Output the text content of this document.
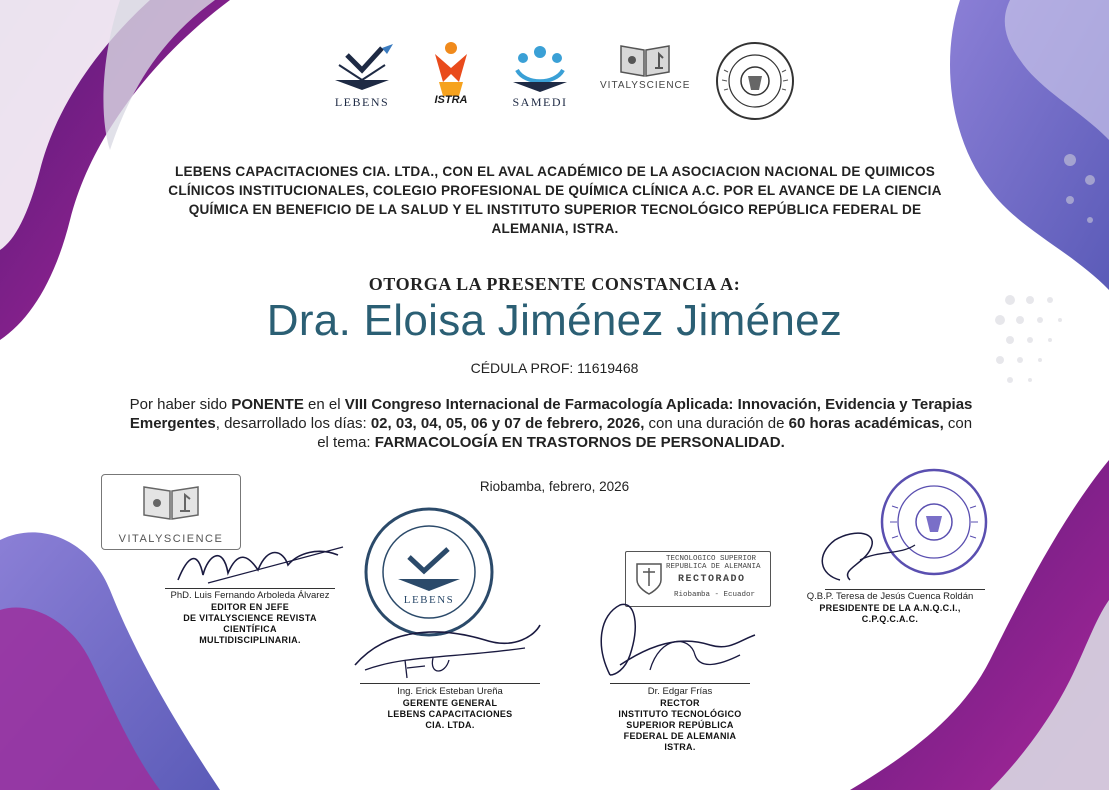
LEBENS	ISTRA	SAMEDI
VITALYSCIENCE
LEBENS CAPACITACIONES CIA. LTDA., CON EL AVAL ACADÉMICO DE LA ASOCIACION NACIONAL DE QUIMICOS CLÍNICOS INSTITUCIONALES, COLEGIO PROFESIONAL DE QUÍMICA CLÍNICA A.C. POR EL AVANCE DE LA CIENCIA QUÍMICA EN BENEFICIO DE LA SALUD Y EL INSTITUTO SUPERIOR TECNOLÓGICO REPÚBLICA FEDERAL DE ALEMANIA, ISTRA.
OTORGA LA PRESENTE CONSTANCIA A:
Dra. Eloisa Jiménez Jiménez
CÉDULA PROF: 11619468
Por haber sido PONENTE en el VIII Congreso Internacional de Farmacología Aplicada: Innovación, Evidencia y Terapias Emergentes, desarrollado los días: 02, 03, 04, 05, 06 y 07 de febrero, 2026, con una duración de 60 horas académicas, con el tema: FARMACOLOGÍA EN TRASTORNOS DE PERSONALIDAD.
Riobamba, febrero, 2026
VITALYSCIENCE
PhD. Luis Fernando Arboleda Álvarez
EDITOR EN JEFE
DE VITALYSCIENCE REVISTA
CIENTÍFICA
MULTIDISCIPLINARIA.
LEBENS
Ing. Erick Esteban Ureña
GERENTE GENERAL
LEBENS CAPACITACIONES
CIA. LTDA.
TECNOLOGICO SUPERIOR
REPUBLICA DE ALEMANIA
RECTORADO
Riobamba - Ecuador
Dr. Edgar Frías
RECTOR
INSTITUTO TECNOLÓGICO
SUPERIOR REPÚBLICA
FEDERAL DE ALEMANIA
ISTRA.
Q.B.P. Teresa de Jesús Cuenca Roldán
PRESIDENTE DE LA A.N.Q.C.I.,
C.P.Q.C.A.C.
